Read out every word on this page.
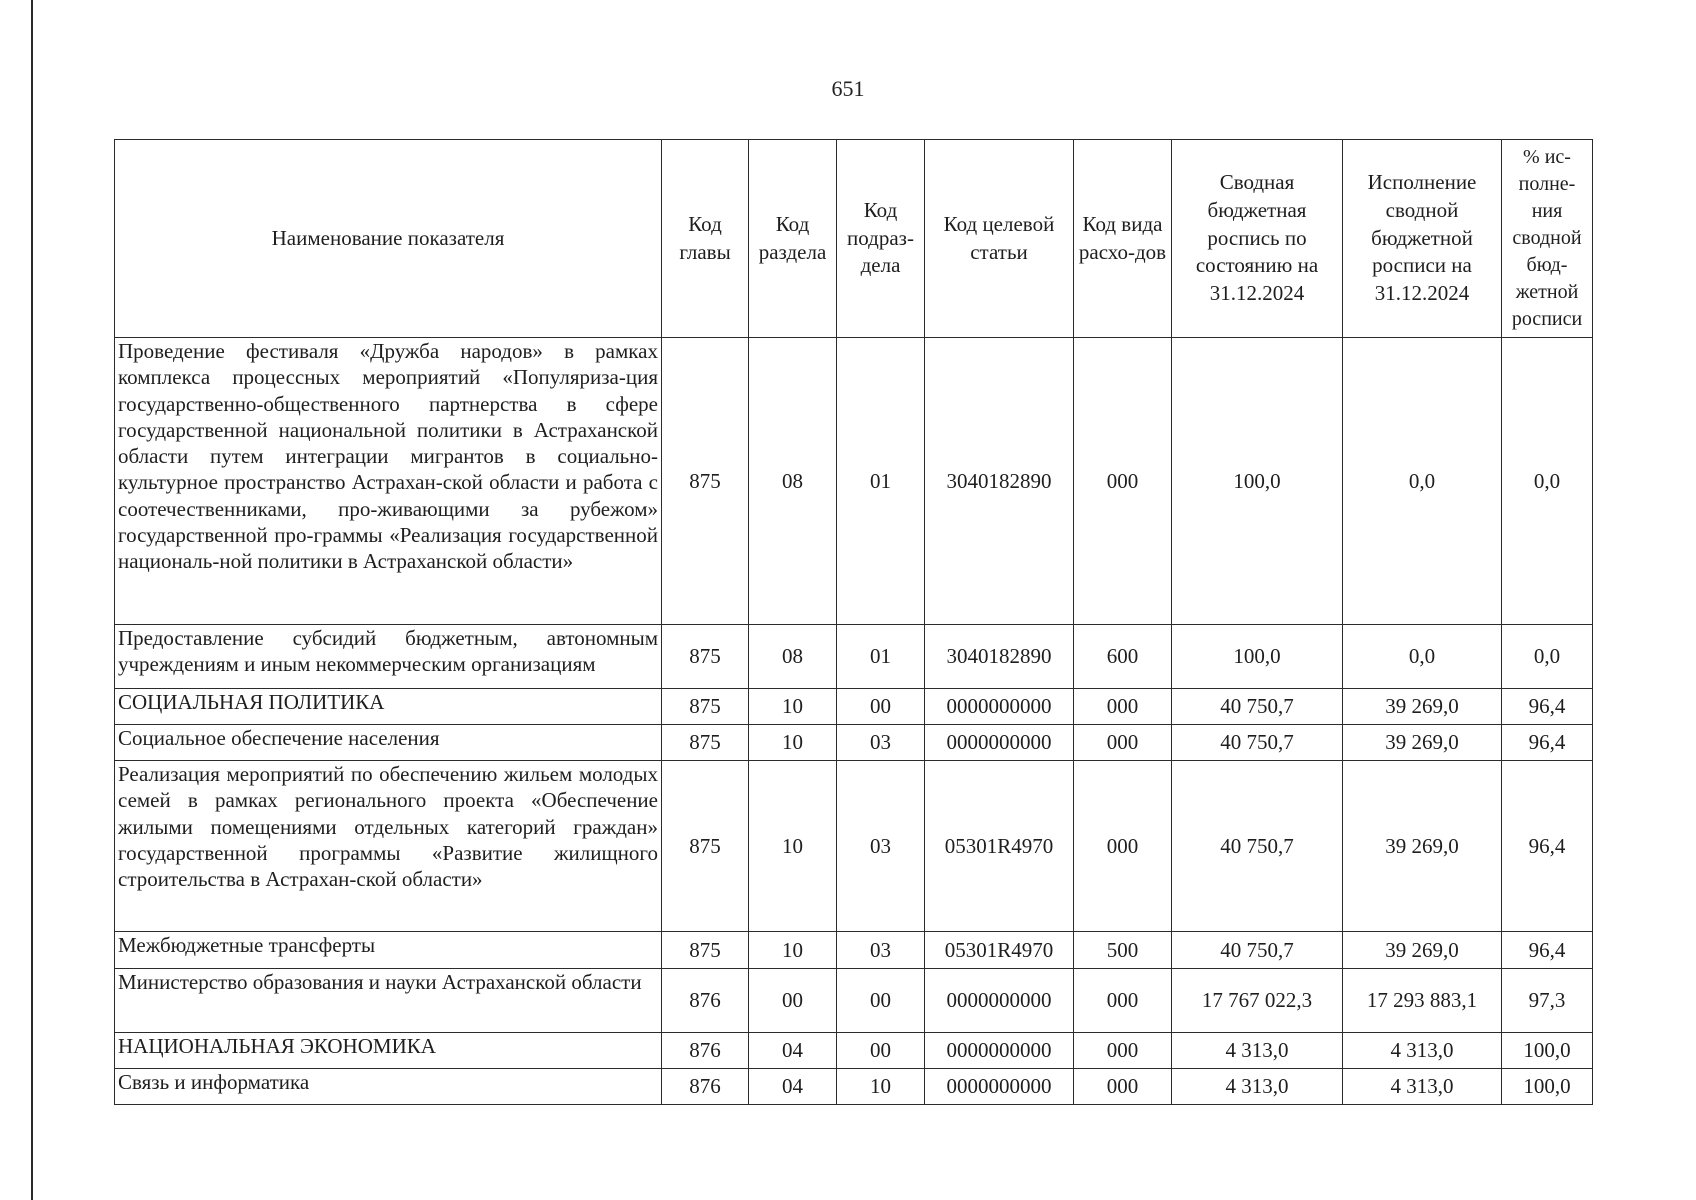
651
Наименование показателя	Код главы	Код раздела	Код подраз-дела	Код целевой статьи	Код вида расхо-дов	Сводная бюджетная роспись по состоянию на 31.12.2024	Исполнение сводной бюджетной росписи на 31.12.2024	% ис-полне-ния сводной бюд-жетной росписи
Проведение фестиваля «Дружба народов» в рамках комплекса процессных мероприятий «Популяриза-ция государственно-общественного партнерства в сфере государственной национальной политики в Астраханской области путем интеграции мигрантов в социально-культурное пространство Астрахан-ской области и работа с соотечественниками, про-живающими за рубежом» государственной про-граммы «Реализация государственной националь-ной политики в Астраханской области»	875	08	01	3040182890	000	100,0	0,0	0,0
Предоставление субсидий бюджетным, автономным учреждениям и иным некоммерческим организациям	875	08	01	3040182890	600	100,0	0,0	0,0
СОЦИАЛЬНАЯ ПОЛИТИКА	875	10	00	0000000000	000	40 750,7	39 269,0	96,4
Социальное обеспечение населения	875	10	03	0000000000	000	40 750,7	39 269,0	96,4
Реализация мероприятий по обеспечению жильем молодых семей в рамках регионального проекта «Обеспечение жилыми помещениями отдельных категорий граждан» государственной программы «Развитие жилищного строительства в Астрахан-ской области»	875	10	03	05301R4970	000	40 750,7	39 269,0	96,4
Межбюджетные трансферты	875	10	03	05301R4970	500	40 750,7	39 269,0	96,4
Министерство образования и науки Астраханской области	876	00	00	0000000000	000	17 767 022,3	17 293 883,1	97,3
НАЦИОНАЛЬНАЯ ЭКОНОМИКА	876	04	00	0000000000	000	4 313,0	4 313,0	100,0
Связь и информатика	876	04	10	0000000000	000	4 313,0	4 313,0	100,0
